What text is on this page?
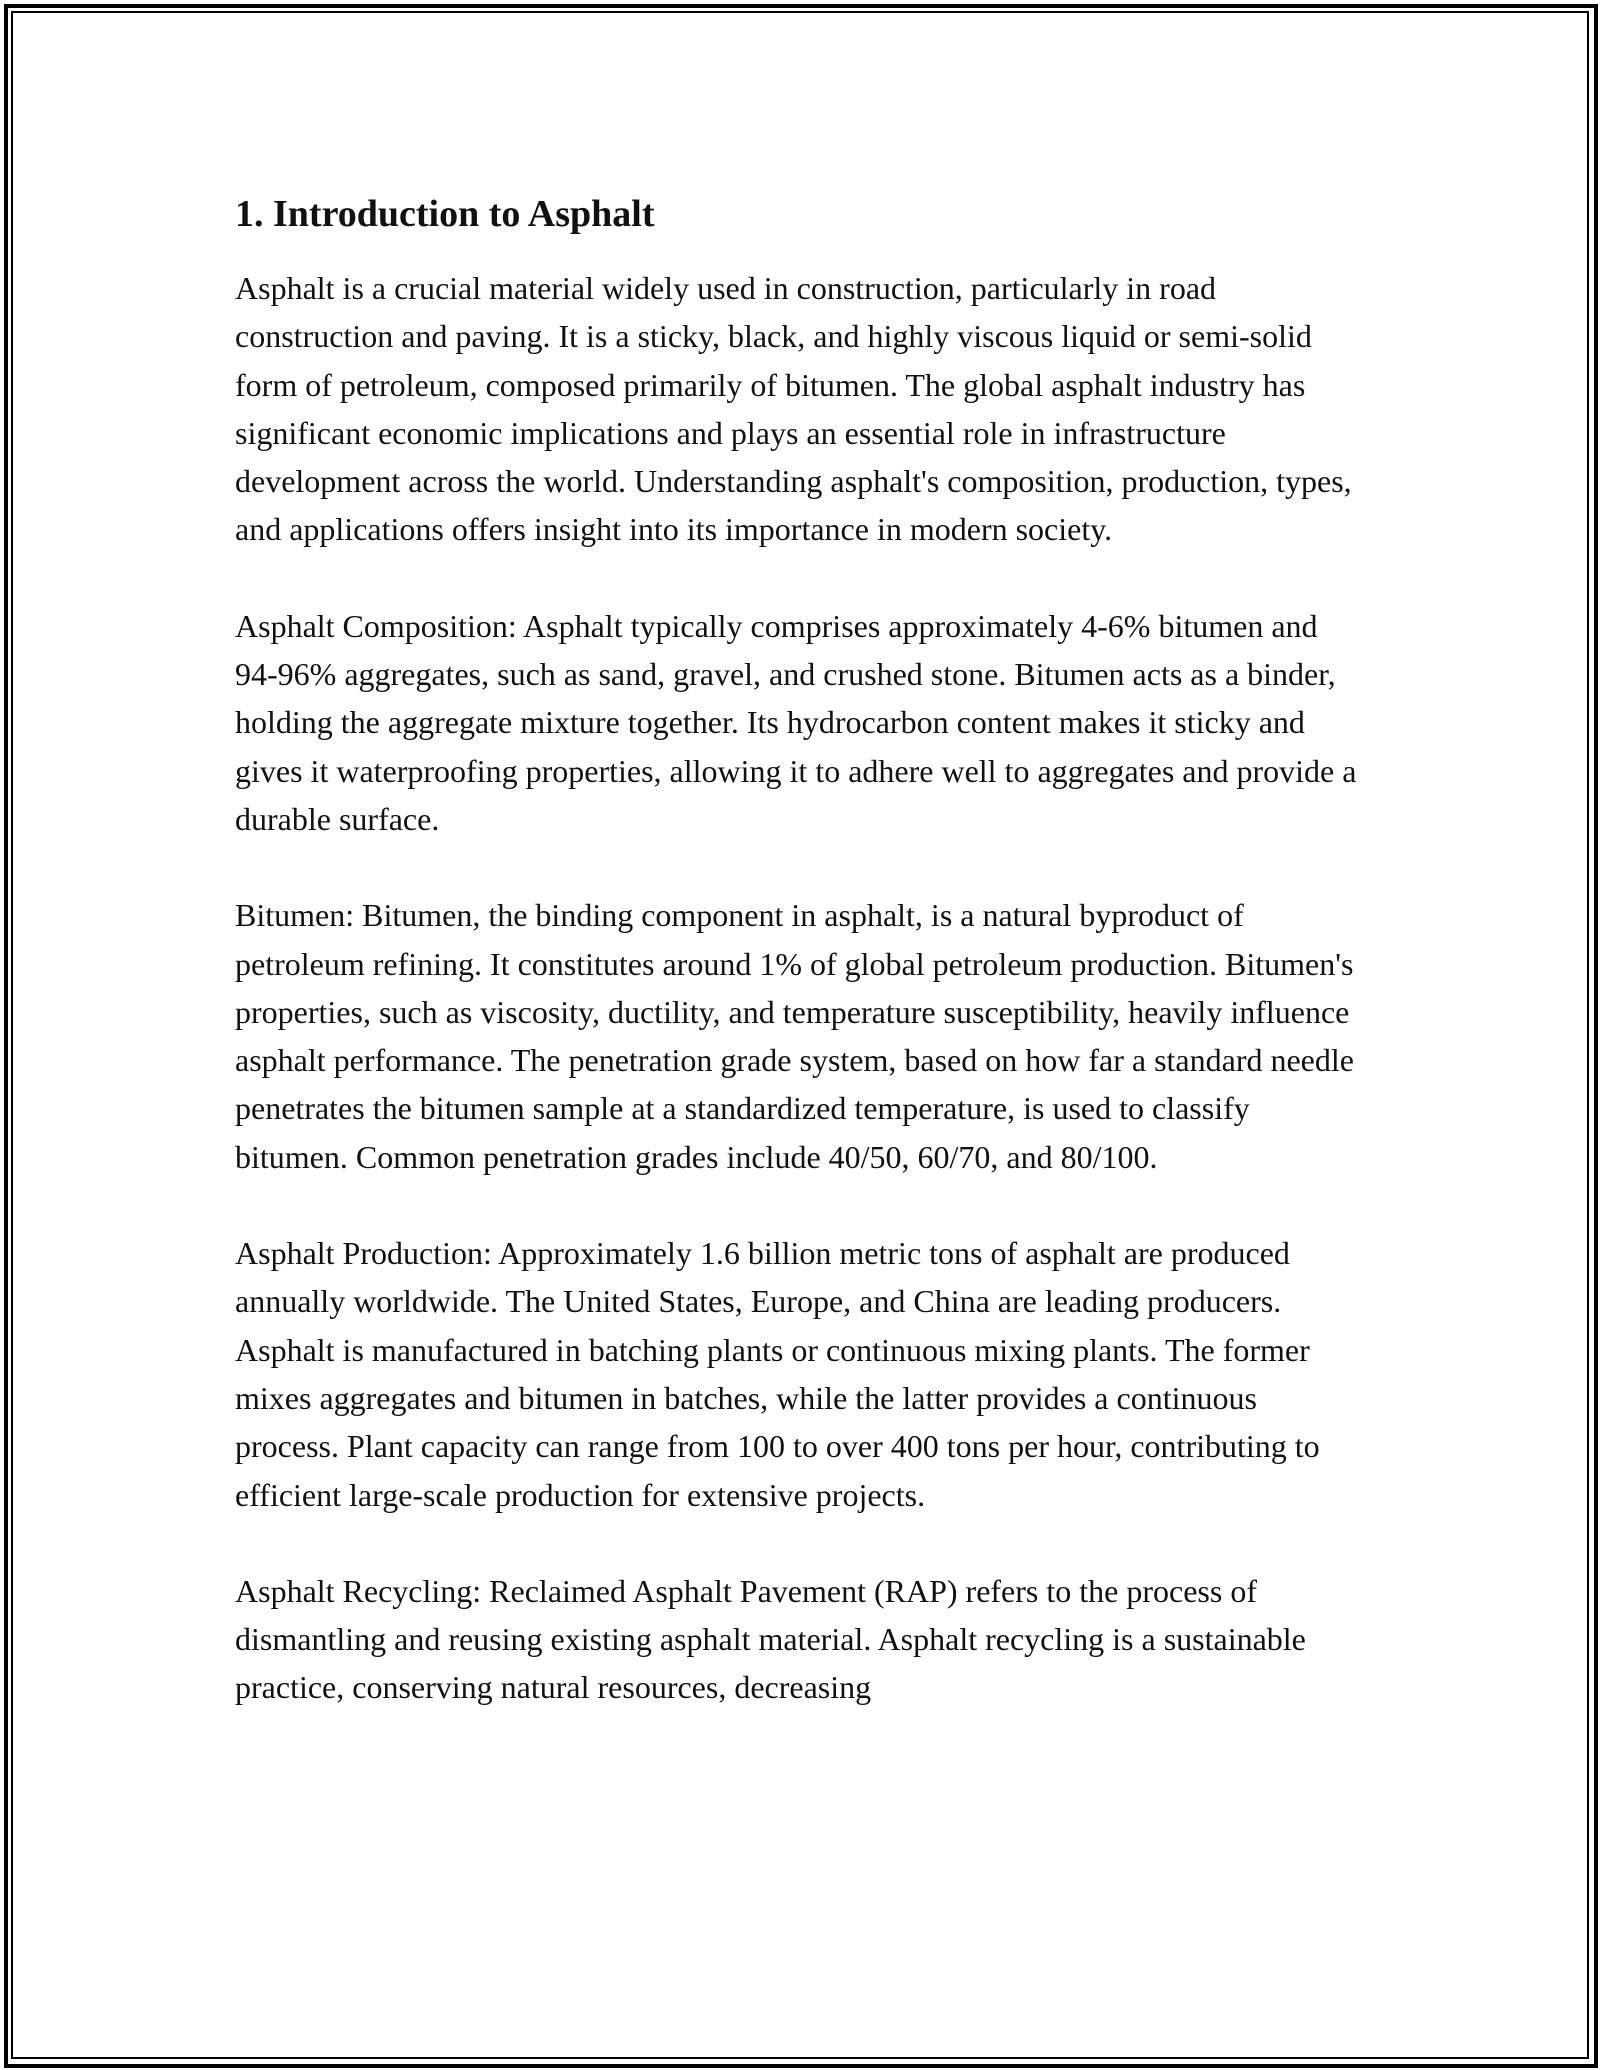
1. Introduction to Asphalt

Asphalt is a crucial material widely used in construction, particularly in road construction and paving. It is a sticky, black, and highly viscous liquid or semi-solid form of petroleum, composed primarily of bitumen. The global asphalt industry has significant economic implications and plays an essential role in infrastructure development across the world. Understanding asphalt's composition, production, types, and applications offers insight into its importance in modern society.

Asphalt Composition: Asphalt typically comprises approximately 4-6% bitumen and 94-96% aggregates, such as sand, gravel, and crushed stone. Bitumen acts as a binder, holding the aggregate mixture together. Its hydrocarbon content makes it sticky and gives it waterproofing properties, allowing it to adhere well to aggregates and provide a durable surface.

Bitumen: Bitumen, the binding component in asphalt, is a natural byproduct of petroleum refining. It constitutes around 1% of global petroleum production. Bitumen's properties, such as viscosity, ductility, and temperature susceptibility, heavily influence asphalt performance. The penetration grade system, based on how far a standard needle penetrates the bitumen sample at a standardized temperature, is used to classify bitumen. Common penetration grades include 40/50, 60/70, and 80/100.

Asphalt Production: Approximately 1.6 billion metric tons of asphalt are produced annually worldwide. The United States, Europe, and China are leading producers. Asphalt is manufactured in batching plants or continuous mixing plants. The former mixes aggregates and bitumen in batches, while the latter provides a continuous process. Plant capacity can range from 100 to over 400 tons per hour, contributing to efficient large-scale production for extensive projects.

Asphalt Recycling: Reclaimed Asphalt Pavement (RAP) refers to the process of dismantling and reusing existing asphalt material. Asphalt recycling is a sustainable practice, conserving natural resources, decreasing
